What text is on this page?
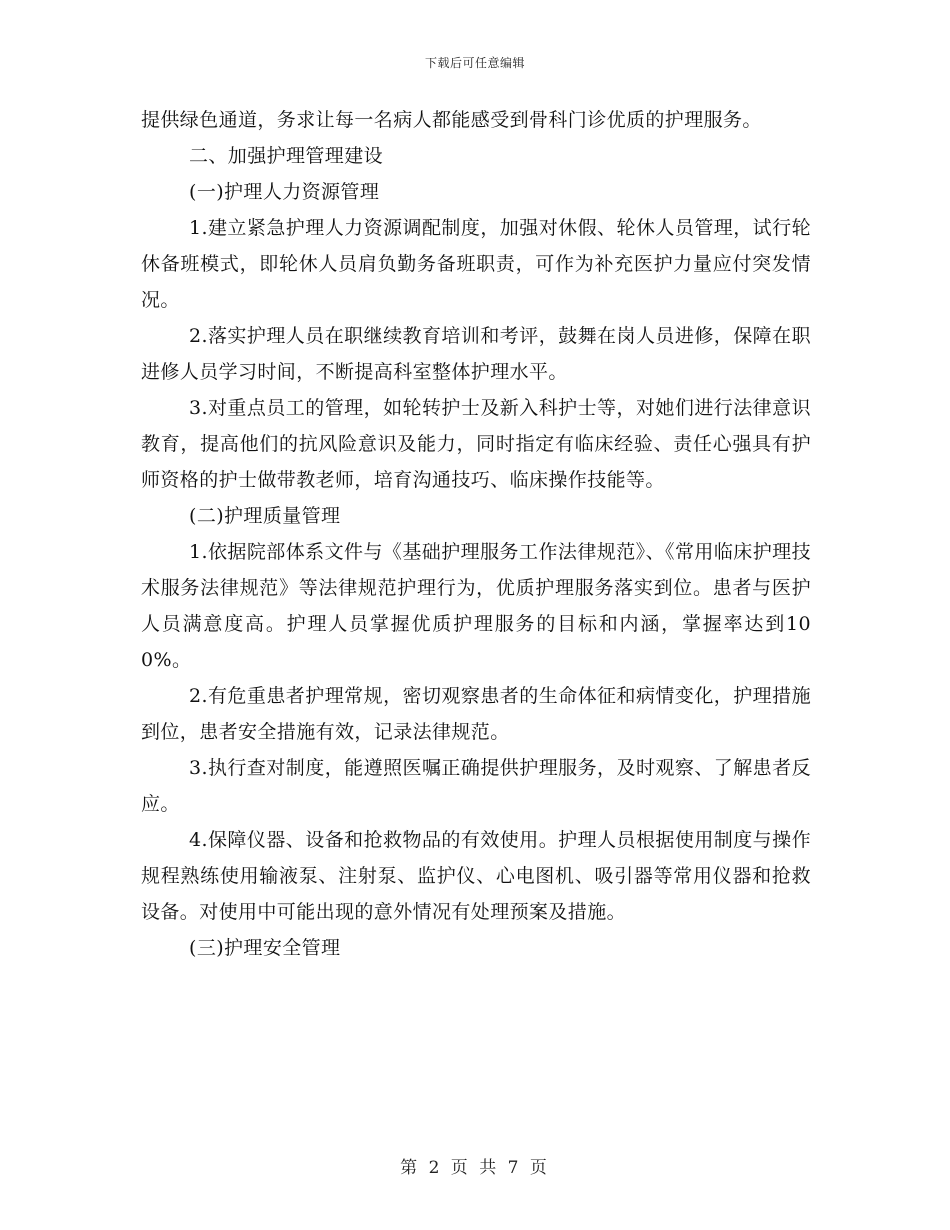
下载后可任意编辑

提供绿色通道，务求让每一名病人都能感受到骨科门诊优质的护理服务。

二、加强护理管理建设

(一)护理人力资源管理

1.建立紧急护理人力资源调配制度，加强对休假、轮休人员管理，试行轮休备班模式，即轮休人员肩负勤务备班职责，可作为补充医护力量应付突发情况。

2.落实护理人员在职继续教育培训和考评，鼓舞在岗人员进修，保障在职进修人员学习时间，不断提高科室整体护理水平。

3.对重点员工的管理，如轮转护士及新入科护士等，对她们进行法律意识教育，提高他们的抗风险意识及能力，同时指定有临床经验、责任心强具有护师资格的护士做带教老师，培育沟通技巧、临床操作技能等。

(二)护理质量管理

1.依据院部体系文件与《基础护理服务工作法律规范》、《常用临床护理技术服务法律规范》等法律规范护理行为，优质护理服务落实到位。患者与医护人员满意度高。护理人员掌握优质护理服务的目标和内涵，掌握率达到100%。

2.有危重患者护理常规，密切观察患者的生命体征和病情变化，护理措施到位，患者安全措施有效，记录法律规范。

3.执行查对制度，能遵照医嘱正确提供护理服务，及时观察、了解患者反应。

4.保障仪器、设备和抢救物品的有效使用。护理人员根据使用制度与操作规程熟练使用输液泵、注射泵、监护仪、心电图机、吸引器等常用仪器和抢救设备。对使用中可能出现的意外情况有处理预案及措施。

(三)护理安全管理

第 2 页 共 7 页
